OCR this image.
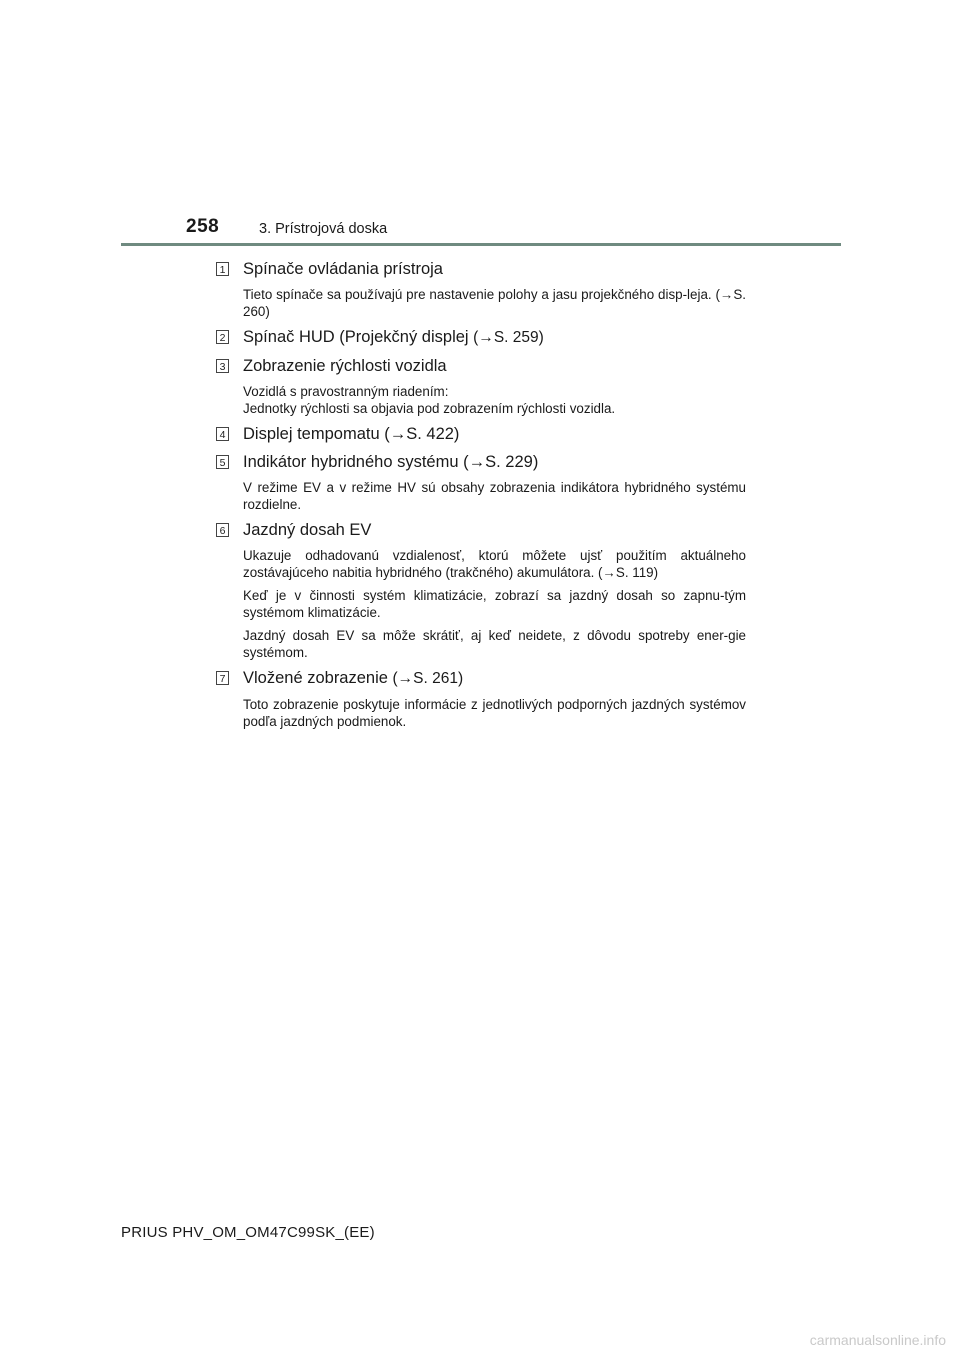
258	3. Prístrojová doska
1 Spínače ovládania prístroja

Tieto spínače sa používajú pre nastavenie polohy a jasu projekčného disp-leja. (→S. 260)

2 Spínač HUD (Projekčný displej (→S. 259)
3 Zobrazenie rýchlosti vozidla

Vozidlá s pravostranným riadením:
Jednotky rýchlosti sa objavia pod zobrazením rýchlosti vozidla.

4 Displej tempomatu (→S. 422)
5 Indikátor hybridného systému (→S. 229)

V režime EV a v režime HV sú obsahy zobrazenia indikátora hybridného systému rozdielne.

6 Jazdný dosah EV

Ukazuje odhadovanú vzdialenosť, ktorú môžete ujsť použitím aktuálneho zostávajúceho nabitia hybridného (trakčného) akumulátora. (→S. 119)

Keď je v činnosti systém klimatizácie, zobrazí sa jazdný dosah so zapnu-tým systémom klimatizácie.

Jazdný dosah EV sa môže skrátiť, aj keď neidete, z dôvodu spotreby ener-gie systémom.

7 Vložené zobrazenie (→S. 261)

Toto zobrazenie poskytuje informácie z jednotlivých podporných jazdných systémov podľa jazdných podmienok.

PRIUS PHV_OM_OM47C99SK_(EE)
carmanualsonline.info
